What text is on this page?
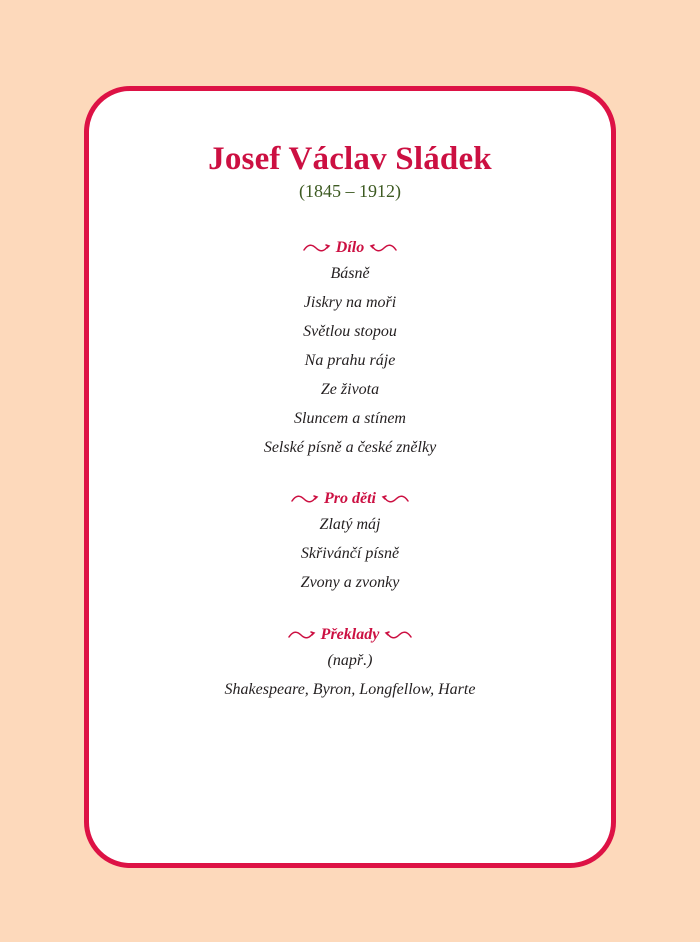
Josef Václav Sládek
(1845 – 1912)
Dílo
Básně
Jiskry na moři
Světlou stopou
Na prahu ráje
Ze života
Sluncem a stínem
Selské písně a české znělky
Pro děti
Zlatý máj
Skřivánčí písně
Zvony a zvonky
Překlady
(např.)
Shakespeare, Byron, Longfellow, Harte
